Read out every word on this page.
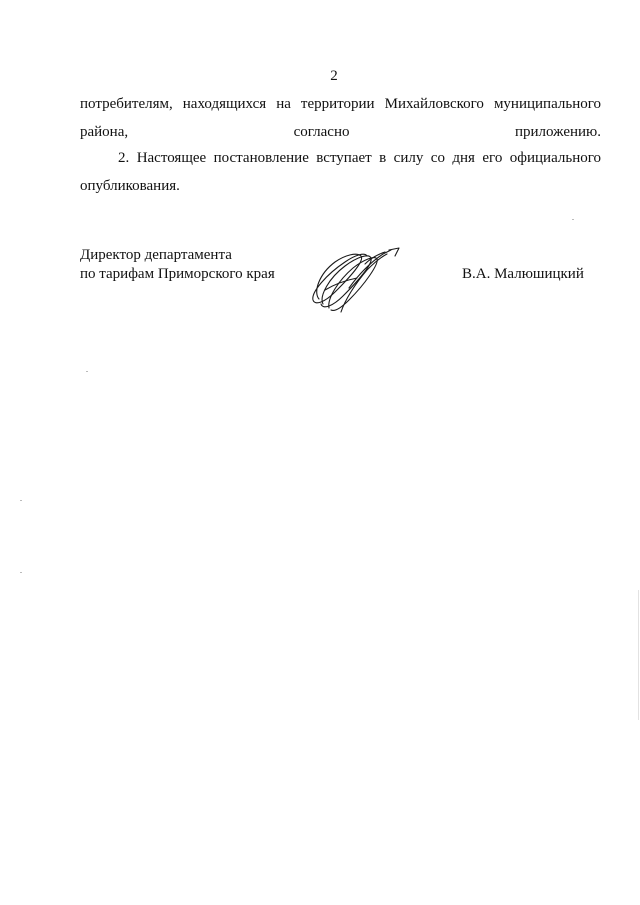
2
потребителям, находящихся на территории Михайловского муниципального
района, согласно приложению.
2. Настоящее постановление вступает в силу со дня его официального
опубликования.
Директор департамента
по тарифам Приморского края	В.А. Малюшицкий
